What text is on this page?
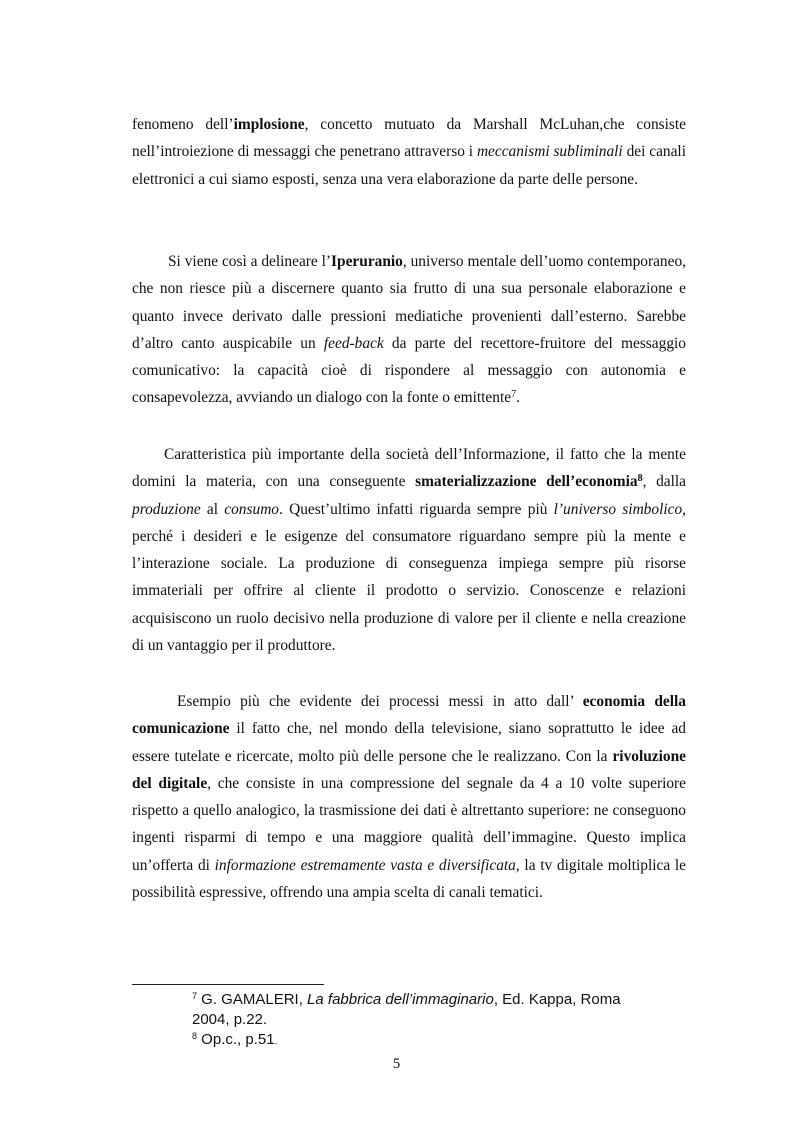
fenomeno dell’implosione, concetto mutuato da Marshall McLuhan,che consiste nell’introiezione di messaggi che penetrano attraverso i meccanismi subliminali dei canali elettronici a cui siamo esposti, senza una vera elaborazione da parte delle persone.

Si viene così a delineare l’Iperuranio, universo mentale dell’uomo contemporaneo, che non riesce più a discernere quanto sia frutto di una sua personale elaborazione e quanto invece derivato dalle pressioni mediatiche provenienti dall’esterno. Sarebbe d’altro canto auspicabile un feed-back da parte del recettore-fruitore del messaggio comunicativo: la capacità cioè di rispondere al messaggio con autonomia e consapevolezza, avviando un dialogo con la fonte o emittente$^7$.

Caratteristica più importante della società dell’Informazione, il fatto che la mente domini la materia, con una conseguente smaterializzazione dell’economia$^8$, dalla produzione al consumo. Quest’ultimo infatti riguarda sempre più l’universo simbolico, perché i desideri e le esigenze del consumatore riguardano sempre più la mente e l’interazione sociale. La produzione di conseguenza impiega sempre più risorse immateriali per offrire al cliente il prodotto o servizio. Conoscenze e relazioni acquisiscono un ruolo decisivo nella produzione di valore per il cliente e nella creazione di un vantaggio per il produttore.

Esempio più che evidente dei processi messi in atto dall’ economia della comunicazione il fatto che, nel mondo della televisione, siano soprattutto le idee ad essere tutelate e ricercate, molto più delle persone che le realizzano. Con la rivoluzione del digitale, che consiste in una compressione del segnale da 4 a 10 volte superiore rispetto a quello analogico, la trasmissione dei dati è altrettanto superiore: ne conseguono ingenti risparmi di tempo e una maggiore qualità dell’immagine. Questo implica un’offerta di informazione estremamente vasta e diversificata, la tv digitale moltiplica le possibilità espressive, offrendo una ampia scelta di canali tematici.

$^7$ G. GAMALERI, La fabbrica dell’immaginario, Ed. Kappa, Roma 2004, p.22.
$^8$ Op.c., p.51.
5
